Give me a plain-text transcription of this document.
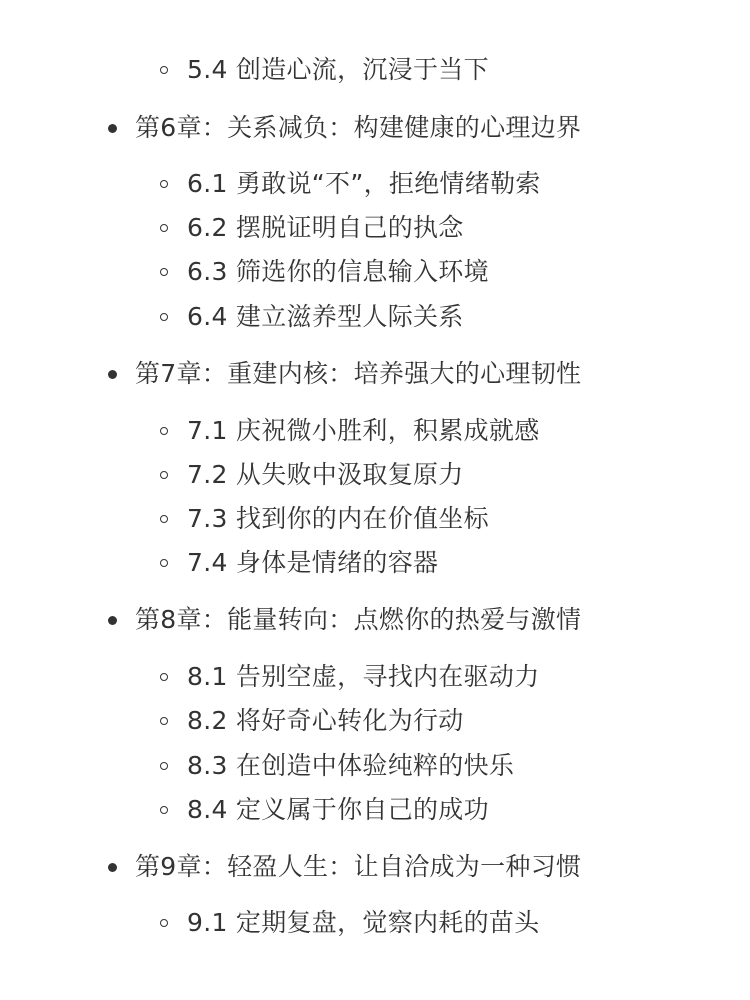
5.4 创造心流，沉浸于当下
第6章：关系减负：构建健康的心理边界
6.1 勇敢说“不”，拒绝情绪勒索
6.2 摆脱证明自己的执念
6.3 筛选你的信息输入环境
6.4 建立滋养型人际关系
第7章：重建内核：培养强大的心理韧性
7.1 庆祝微小胜利，积累成就感
7.2 从失败中汲取复原力
7.3 找到你的内在价值坐标
7.4 身体是情绪的容器
第8章：能量转向：点燃你的热爱与激情
8.1 告别空虚，寻找内在驱动力
8.2 将好奇心转化为行动
8.3 在创造中体验纯粹的快乐
8.4 定义属于你自己的成功
第9章：轻盈人生：让自洽成为一种习惯
9.1 定期复盘，觉察内耗的苗头
